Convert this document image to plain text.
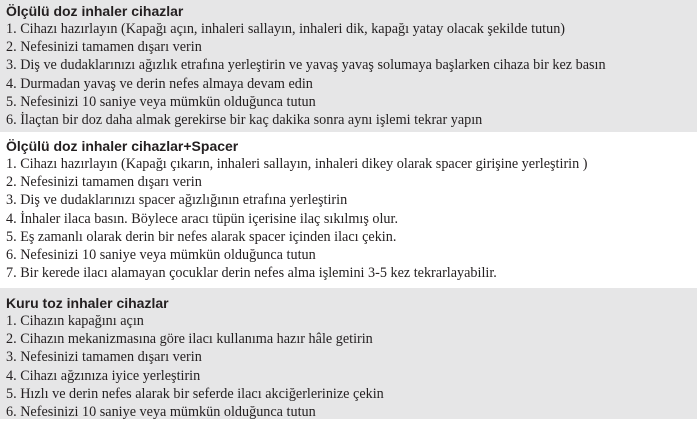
Ölçülü doz inhaler cihazlar
1. Cihazı hazırlayın (Kapağı açın, inhaleri sallayın, inhaleri dik, kapağı yatay olacak şekilde tutun)
2. Nefesinizi tamamen dışarı verin
3. Diş ve dudaklarınızı ağızlık etrafına yerleştirin ve yavaş yavaş solumaya başlarken cihaza bir kez basın
4. Durmadan yavaş ve derin nefes almaya devam edin
5. Nefesinizi 10 saniye veya mümkün olduğunca tutun
6. İlaçtan bir doz daha almak gerekirse bir kaç dakika sonra aynı işlemi tekrar yapın
Ölçülü doz inhaler cihazlar+Spacer
1. Cihazı hazırlayın (Kapağı çıkarın, inhaleri sallayın, inhaleri dikey olarak spacer girişine yerleştirin )
2. Nefesinizi tamamen dışarı verin
3. Diş ve dudaklarınızı spacer ağızlığının etrafına yerleştirin
4. İnhaler ilaca basın. Böylece aracı tüpün içerisine ilaç sıkılmış olur.
5. Eş zamanlı olarak derin bir nefes alarak spacer içinden ilacı çekin.
6. Nefesinizi 10 saniye veya mümkün olduğunca tutun
7. Bir kerede ilacı alamayan çocuklar derin nefes alma işlemini 3-5 kez tekrarlayabilir.
Kuru toz inhaler cihazlar
1. Cihazın kapağını açın
2. Cihazın mekanizmasına göre ilacı kullanıma hazır hâle getirin
3. Nefesinizi tamamen dışarı verin
4. Cihazı ağzınıza iyice yerleştirin
5. Hızlı ve derin nefes alarak bir seferde ilacı akciğerlerinize çekin
6. Nefesinizi 10 saniye veya mümkün olduğunca tutun
